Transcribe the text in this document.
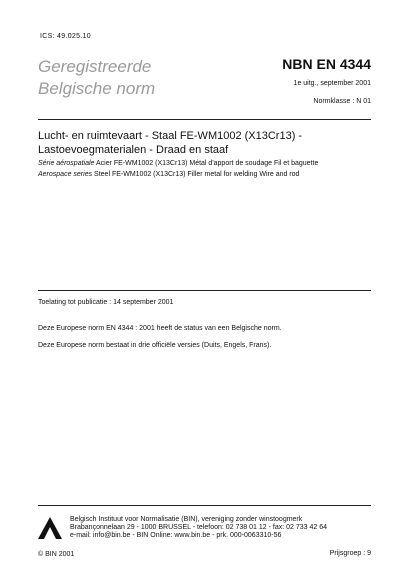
ICS: 49.025.10
Geregistreerde
Belgische norm
NBN EN 4344
1e uitg., september 2001
Normklasse : N 01
Lucht- en ruimtevaart - Staal FE-WM1002 (X13Cr13) -
Lastoevoegmaterialen - Draad en staaf
Série aérospatiale Acier FE-WM1002 (X13Cr13) Métal d'apport de soudage Fil et baguette
Aerospace series Steel FE-WM1002 (X13Cr13) Filler metal for welding Wire and rod
Toelating tot publicatie : 14 september 2001
Deze Europese norm EN 4344 : 2001 heeft de status van een Belgische norm.
Deze Europese norm bestaat in drie officiële versies (Duits, Engels, Frans).
Belgisch Instituut voor Normalisatie (BIN), vereniging zonder winstoogmerk
Brabançonnelaan 29 - 1000 BRUSSEL - telefoon: 02 738 01 12 - fax: 02 733 42 64
e-mail: info@bin.be - BIN Online: www.bin.be - prk. 000-0063310-56
© BIN 2001	Prijsgroep : 9
